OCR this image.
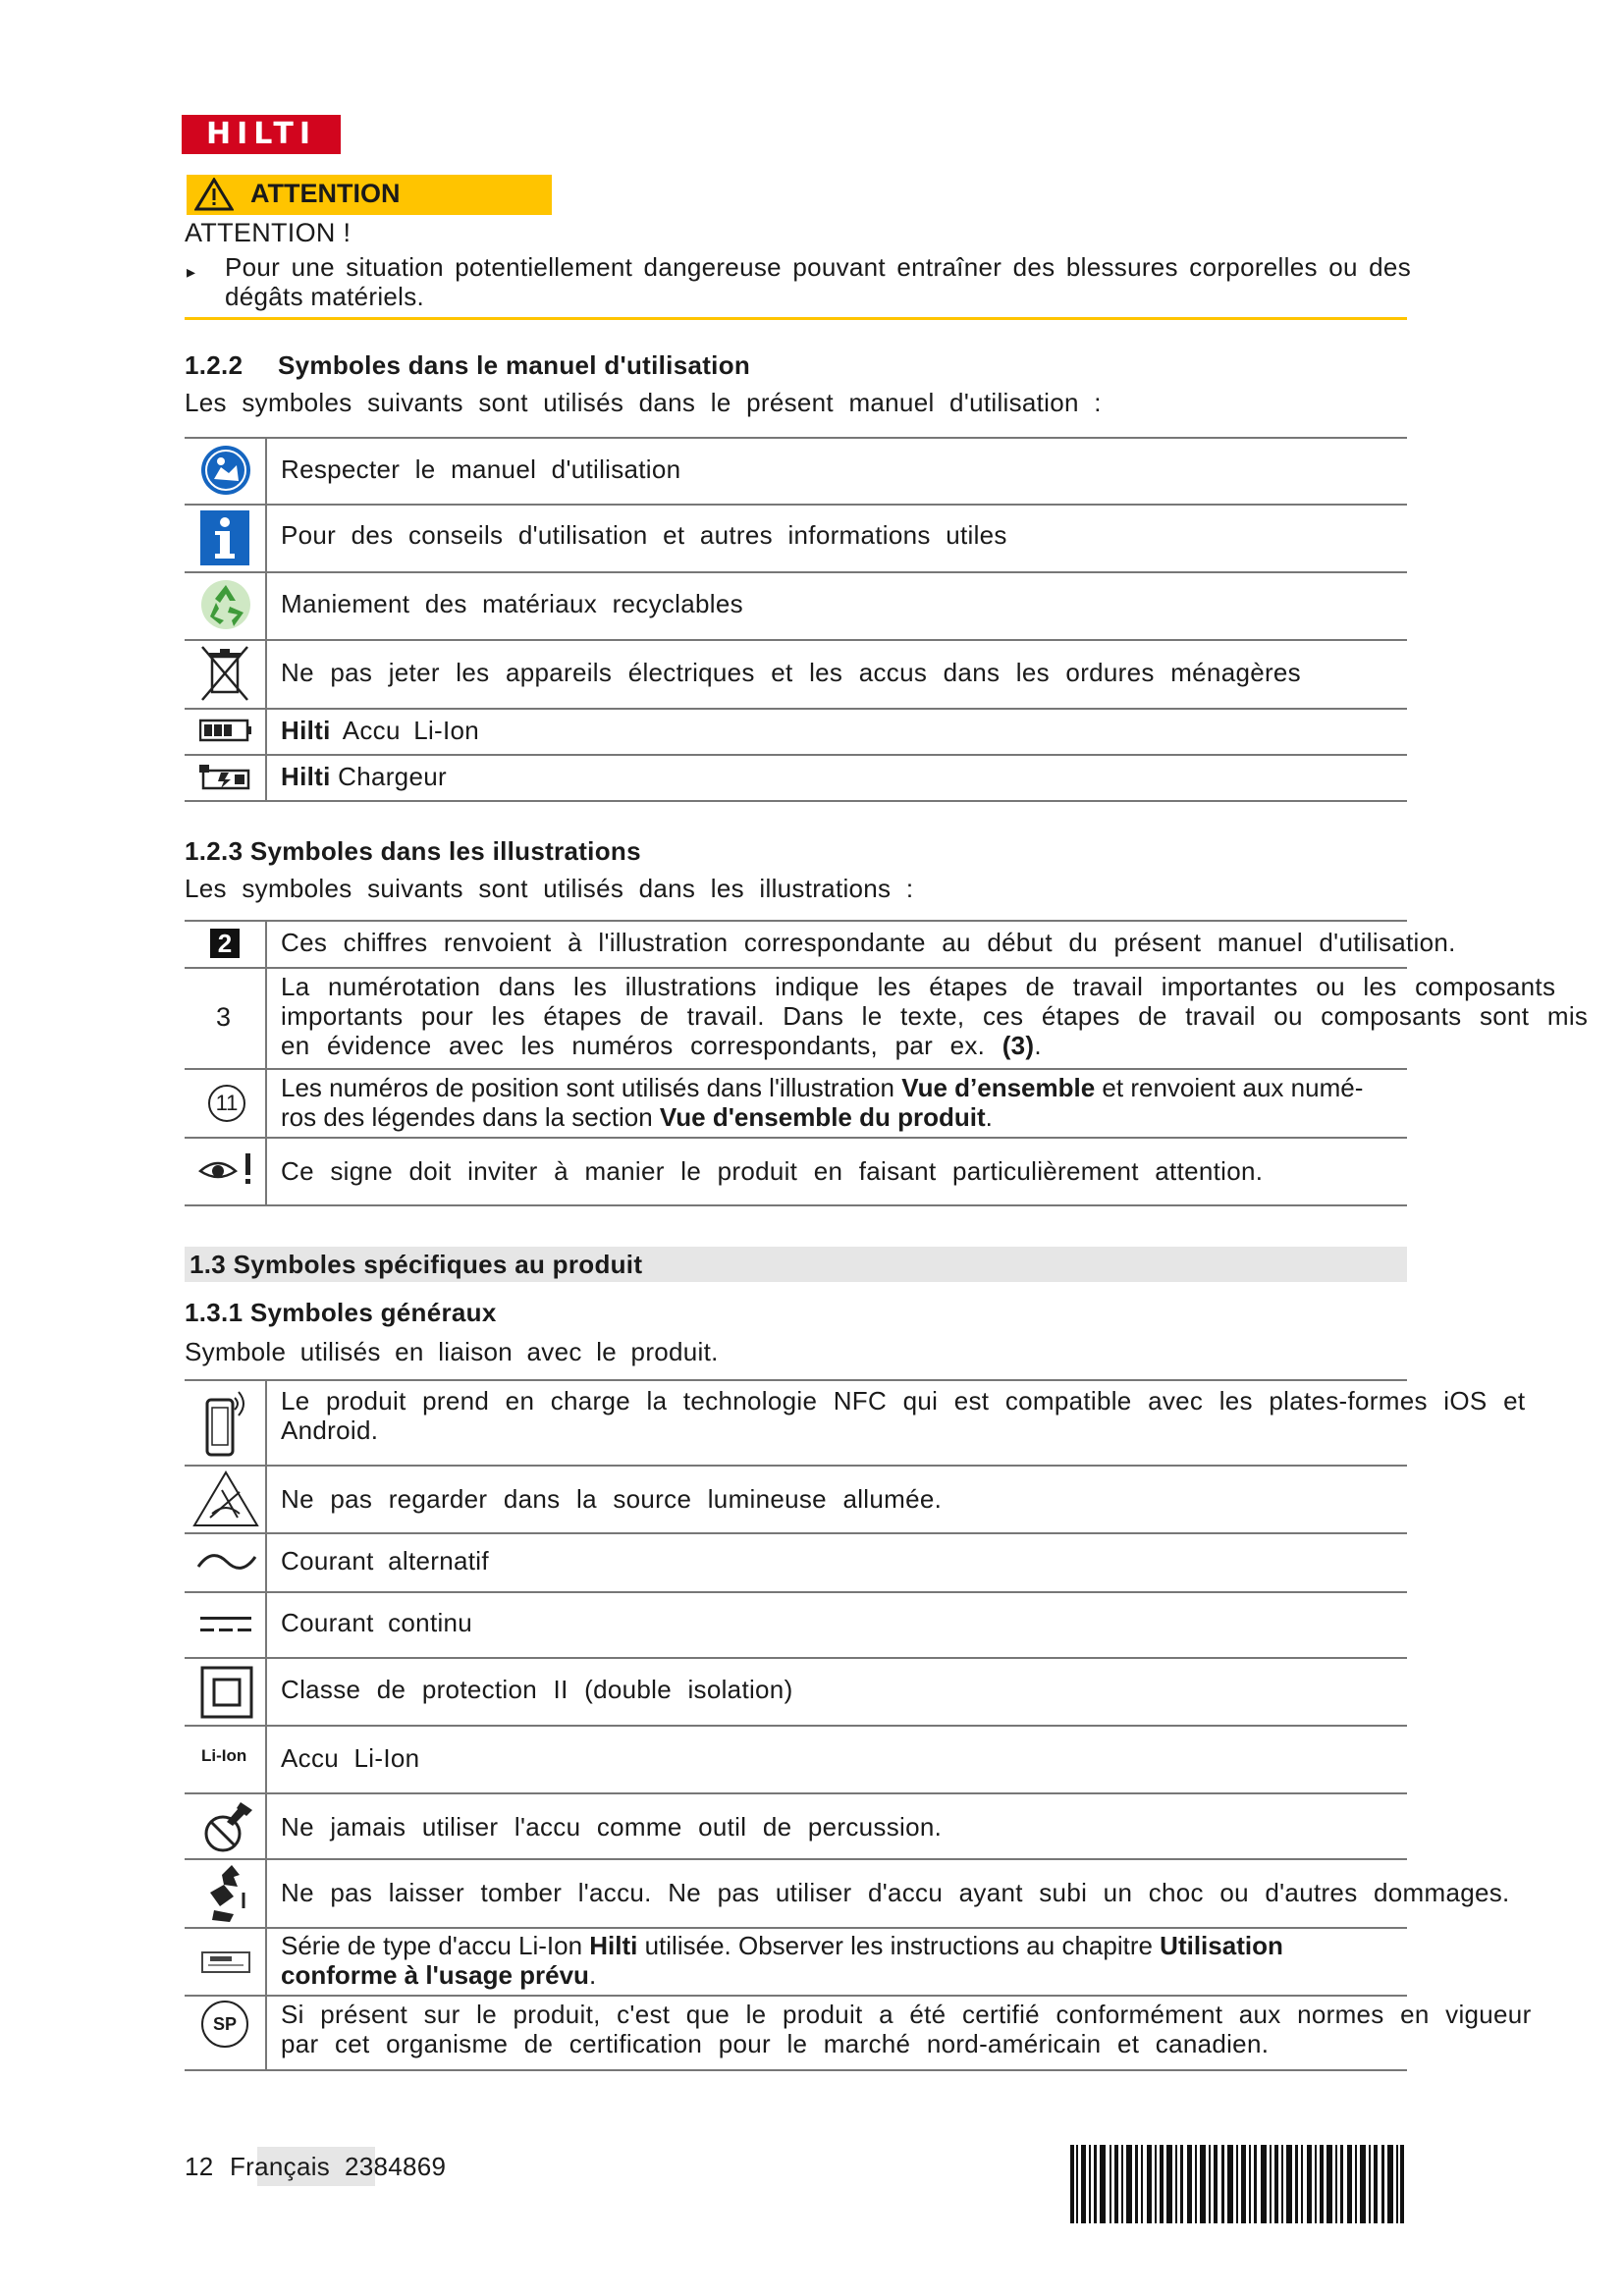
HILTI
ATTENTION
ATTENTION !
▸ Pour une situation potentiellement dangereuse pouvant entraîner des blessures corporelles ou des dégâts matériels.
1.2.2 Symboles dans le manuel d'utilisation
Les symboles suivants sont utilisés dans le présent manuel d'utilisation :
Respecter le manuel d'utilisation
Pour des conseils d'utilisation et autres informations utiles
Maniement des matériaux recyclables
Ne pas jeter les appareils électriques et les accus dans les ordures ménagères
Hilti Accu Li-Ion
Hilti Chargeur
1.2.3 Symboles dans les illustrations
Les symboles suivants sont utilisés dans les illustrations :
2
3
11
Ces chiffres renvoient à l'illustration correspondante au début du présent manuel d'utilisation.
La numérotation dans les illustrations indique les étapes de travail importantes ou les composants
importants pour les étapes de travail. Dans le texte, ces étapes de travail ou composants sont mis
en évidence avec les numéros correspondants, par ex. (3).
Les numéros de position sont utilisés dans l'illustration Vue d’ensemble et renvoient aux numé-
ros des légendes dans la section Vue d'ensemble du produit.
Ce signe doit inviter à manier le produit en faisant particulièrement attention.
1.3 Symboles spécifiques au produit
1.3.1 Symboles généraux
Symbole utilisés en liaison avec le produit.
Li-Ion
SP
Le produit prend en charge la technologie NFC qui est compatible avec les plates-formes iOS et
Android.
Ne pas regarder dans la source lumineuse allumée.
Courant alternatif
Courant continu
Classe de protection II (double isolation)
Accu Li-Ion
Ne jamais utiliser l'accu comme outil de percussion.
Ne pas laisser tomber l'accu. Ne pas utiliser d'accu ayant subi un choc ou d'autres dommages.
Série de type d'accu Li-Ion Hilti utilisée. Observer les instructions au chapitre Utilisation
conforme à l'usage prévu.
Si présent sur le produit, c'est que le produit a été certifié conformément aux normes en vigueur
par cet organisme de certification pour le marché nord-américain et canadien.
12 Français 2384869
